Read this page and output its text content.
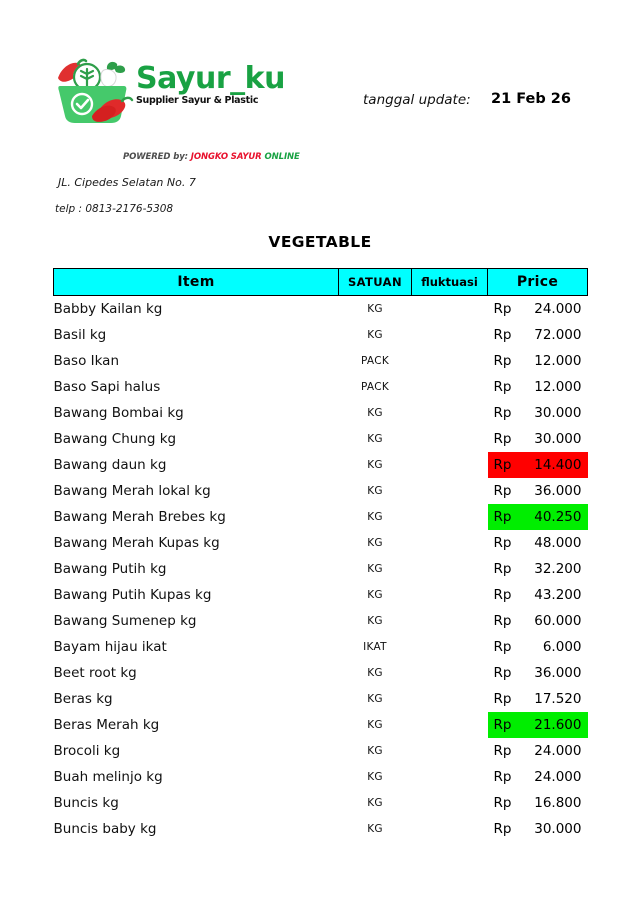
Sayur_ku
Supplier Sayur & Plastic
POWERED by: JONGKO SAYUR ONLINE
JL. Cipedes Selatan No. 7
telp : 0813-2176-5308
tanggal update: 21 Feb 26
VEGETABLE
Item	SATUAN	fluktuasi	Price
Babby Kailan kg	KG		Rp 24.000

Basil kg	KG		Rp 72.000

Baso Ikan	PACK		Rp 12.000

Baso Sapi halus	PACK		Rp 12.000

Bawang Bombai kg	KG		Rp 30.000

Bawang Chung kg	KG		Rp 30.000

Bawang daun kg	KG		Rp 14.400

Bawang Merah lokal kg	KG		Rp 36.000

Bawang Merah Brebes kg	KG		Rp 40.250

Bawang Merah Kupas kg	KG		Rp 48.000

Bawang Putih kg	KG		Rp 32.200

Bawang Putih Kupas kg	KG		Rp 43.200

Bawang Sumenep kg	KG		Rp 60.000

Bayam hijau ikat	IKAT		Rp 6.000

Beet root kg	KG		Rp 36.000

Beras kg	KG		Rp 17.520

Beras Merah kg	KG		Rp 21.600

Brocoli kg	KG		Rp 24.000

Buah melinjo kg	KG		Rp 24.000

Buncis kg	KG		Rp 16.800

Buncis baby kg	KG		Rp 30.000
